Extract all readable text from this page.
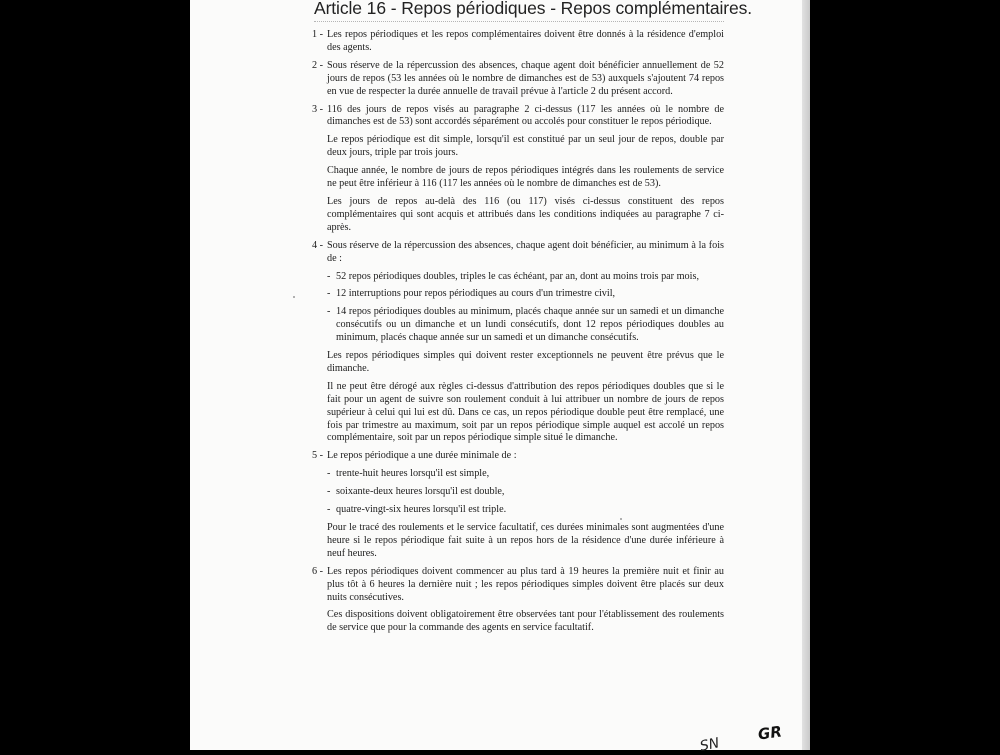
Article 16 - Repos périodiques - Repos complémentaires.
1 - Les repos périodiques et les repos complémentaires doivent être donnés à la résidence d'emploi des agents.
2 - Sous réserve de la répercussion des absences, chaque agent doit bénéficier annuellement de 52 jours de repos (53 les années où le nombre de dimanches est de 53) auxquels s'ajoutent 74 repos en vue de respecter la durée annuelle de travail prévue à l'article 2 du présent accord.
3 - 116 des jours de repos visés au paragraphe 2 ci-dessus (117 les années où le nombre de dimanches est de 53) sont accordés séparément ou accolés pour constituer le repos périodique.
Le repos périodique est dit simple, lorsqu'il est constitué par un seul jour de repos, double par deux jours, triple par trois jours.
Chaque année, le nombre de jours de repos périodiques intégrés dans les roulements de service ne peut être inférieur à 116 (117 les années où le nombre de dimanches est de 53).
Les jours de repos au-delà des 116 (ou 117) visés ci-dessus constituent des repos complémentaires qui sont acquis et attribués dans les conditions indiquées au paragraphe 7 ci-après.
4 - Sous réserve de la répercussion des absences, chaque agent doit bénéficier, au minimum à la fois de :
- 52 repos périodiques doubles, triples le cas échéant, par an, dont au moins trois par mois,
- 12 interruptions pour repos périodiques au cours d'un trimestre civil,
- 14 repos périodiques doubles au minimum, placés chaque année sur un samedi et un dimanche consécutifs ou un dimanche et un lundi consécutifs, dont 12 repos périodiques doubles au minimum, placés chaque année sur un samedi et un dimanche consécutifs.
Les repos périodiques simples qui doivent rester exceptionnels ne peuvent être prévus que le dimanche.
Il ne peut être dérogé aux règles ci-dessus d'attribution des repos périodiques doubles que si le fait pour un agent de suivre son roulement conduit à lui attribuer un nombre de jours de repos supérieur à celui qui lui est dû. Dans ce cas, un repos périodique double peut être remplacé, une fois par trimestre au maximum, soit par un repos périodique simple auquel est accolé un repos complémentaire, soit par un repos périodique simple situé le dimanche.
5 - Le repos périodique a une durée minimale de :
- trente-huit heures lorsqu'il est simple,
- soixante-deux heures lorsqu'il est double,
- quatre-vingt-six heures lorsqu'il est triple.
Pour le tracé des roulements et le service facultatif, ces durées minimales sont augmentées d'une heure si le repos périodique fait suite à un repos hors de la résidence d'une durée inférieure à neuf heures.
6 - Les repos périodiques doivent commencer au plus tard à 19 heures la première nuit et finir au plus tôt à 6 heures la dernière nuit ; les repos périodiques simples doivent être placés sur deux nuits consécutives.
Ces dispositions doivent obligatoirement être observées tant pour l'établissement des roulements de service que pour la commande des agents en service facultatif.
GR
SN
